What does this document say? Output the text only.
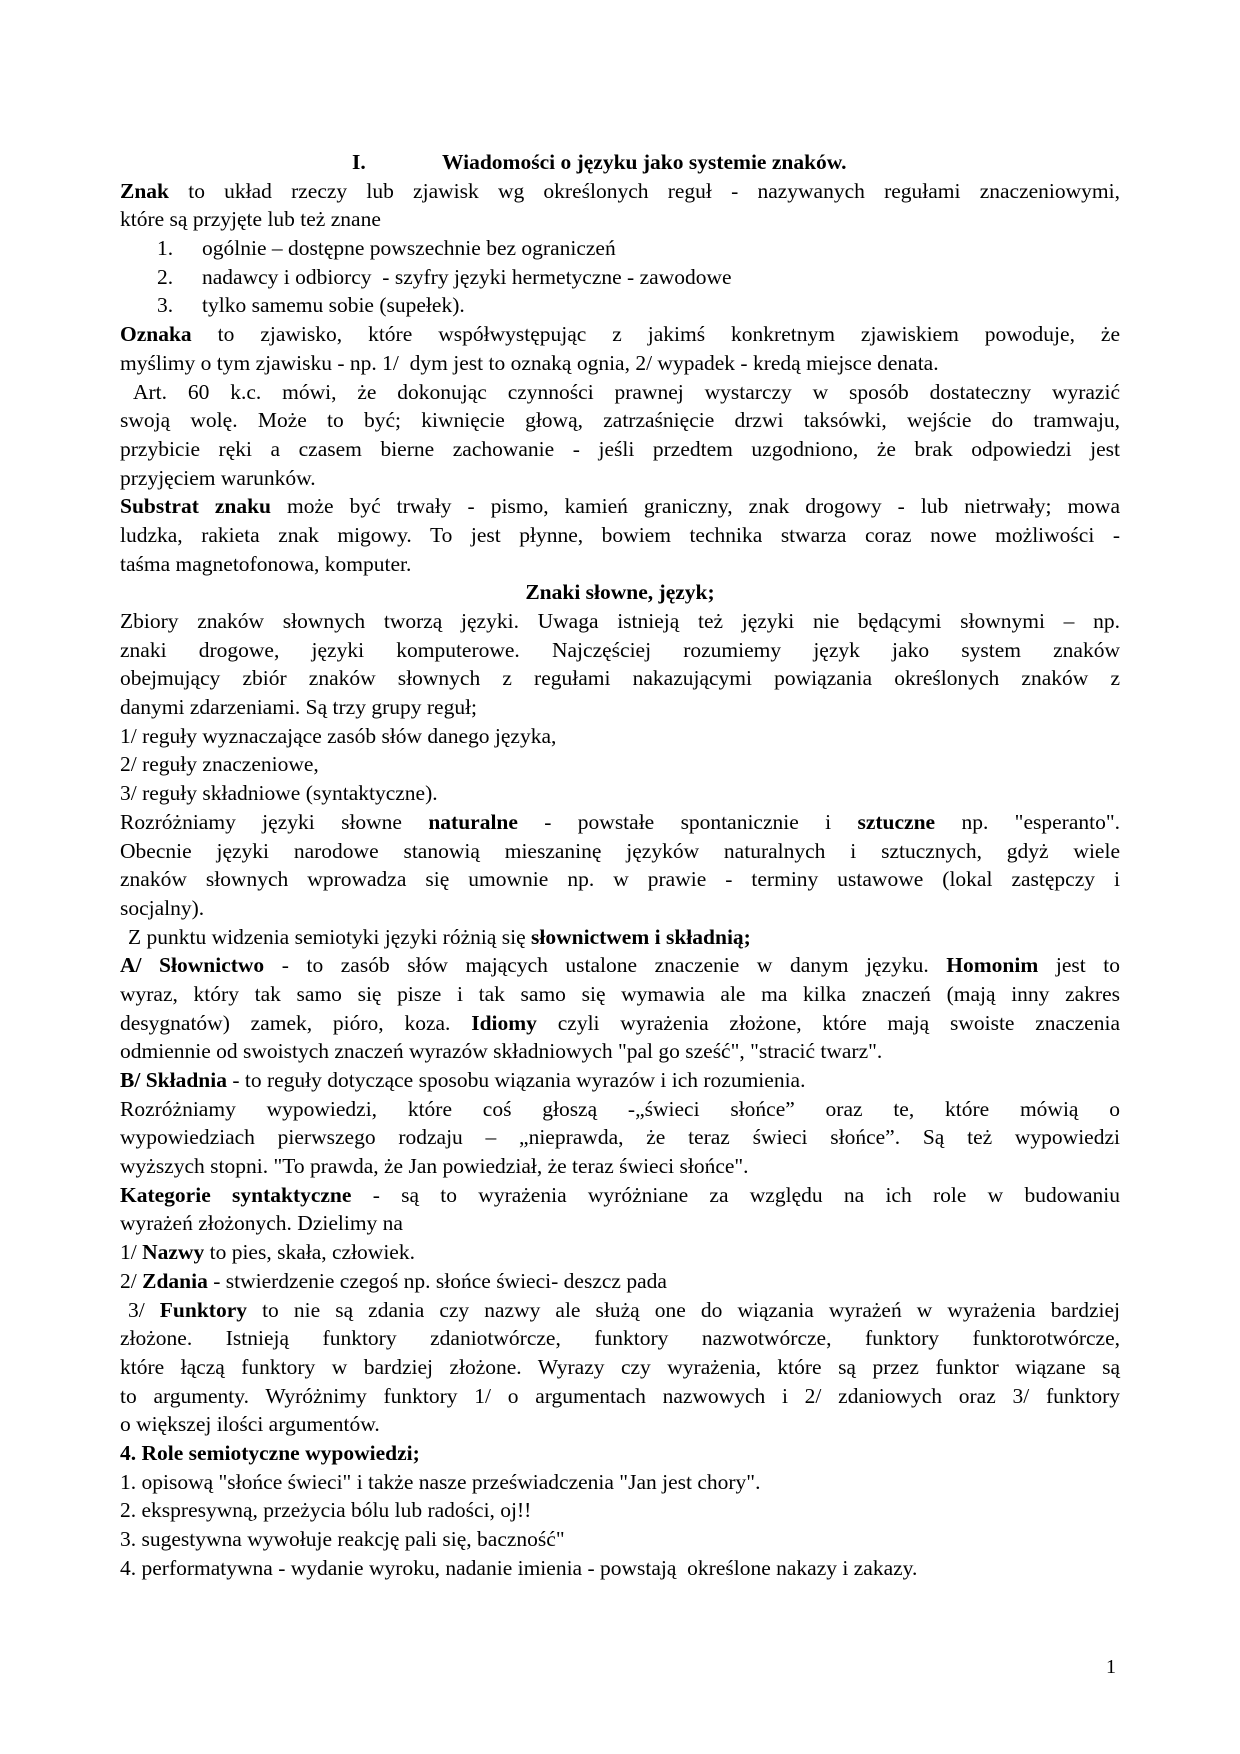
I.	Wiadomości o języku jako systemie znaków.
Znak to układ rzeczy lub zjawisk wg określonych reguł - nazywanych regułami znaczeniowymi,
które są przyjęte lub też znane
1. ogólnie – dostępne powszechnie bez ograniczeń
2. nadawcy i odbiorcy  - szyfry języki hermetyczne - zawodowe
3. tylko samemu sobie (supełek).
Oznaka to zjawisko, które współwystępując z jakimś konkretnym zjawiskiem powoduje, że
myślimy o tym zjawisku - np. 1/  dym jest to oznaką ognia, 2/ wypadek - kredą miejsce denata.
Art. 60 k.c. mówi, że dokonując czynności prawnej wystarczy w sposób dostateczny wyrazić
swoją wolę. Może to być; kiwnięcie głową, zatrzaśnięcie drzwi taksówki, wejście do tramwaju,
przybicie ręki a czasem bierne zachowanie - jeśli przedtem uzgodniono, że brak odpowiedzi jest
przyjęciem warunków.
Substrat znaku może być trwały - pismo, kamień graniczny, znak drogowy - lub nietrwały; mowa
ludzka, rakieta znak migowy. To jest płynne, bowiem technika stwarza coraz nowe możliwości -
taśma magnetofonowa, komputer.
Znaki słowne, język;
Zbiory znaków słownych tworzą języki. Uwaga istnieją też języki nie będącymi słownymi – np.
znaki drogowe, języki komputerowe. Najczęściej rozumiemy język jako system znaków
obejmujący zbiór znaków słownych z regułami nakazującymi powiązania określonych znaków z
danymi zdarzeniami. Są trzy grupy reguł;
1/ reguły wyznaczające zasób słów danego języka,
2/ reguły znaczeniowe,
3/ reguły składniowe (syntaktyczne).
Rozróżniamy języki słowne naturalne - powstałe spontanicznie i sztuczne np. "esperanto".
Obecnie języki narodowe stanowią mieszaninę języków naturalnych i sztucznych, gdyż wiele
znaków słownych wprowadza się umownie np. w prawie - terminy ustawowe (lokal zastępczy i
socjalny).
Z punktu widzenia semiotyki języki różnią się słownictwem i składnią;
A/ Słownictwo - to zasób słów mających ustalone znaczenie w danym języku. Homonim jest to
wyraz, który tak samo się pisze i tak samo się wymawia ale ma kilka znaczeń (mają inny zakres
desygnatów) zamek, pióro, koza. Idiomy czyli wyrażenia złożone, które mają swoiste znaczenia
odmiennie od swoistych znaczeń wyrazów składniowych "pal go sześć", "stracić twarz".
B/ Składnia - to reguły dotyczące sposobu wiązania wyrazów i ich rozumienia.
Rozróżniamy wypowiedzi, które coś głoszą -„świeci słońce” oraz te, które mówią o
wypowiedziach pierwszego rodzaju – „nieprawda, że teraz świeci słońce”. Są też wypowiedzi
wyższych stopni. "To prawda, że Jan powiedział, że teraz świeci słońce".
Kategorie syntaktyczne - są to wyrażenia wyróżniane za względu na ich role w budowaniu
wyrażeń złożonych. Dzielimy na
1/ Nazwy to pies, skała, człowiek.
2/ Zdania - stwierdzenie czegoś np. słońce świeci- deszcz pada
3/ Funktory to nie są zdania czy nazwy ale służą one do wiązania wyrażeń w wyrażenia bardziej
złożone. Istnieją funktory zdaniotwórcze, funktory nazwotwórcze, funktory funktorotwórcze,
które łączą funktory w bardziej złożone. Wyrazy czy wyrażenia, które są przez funktor wiązane są
to argumenty. Wyróżnimy funktory 1/ o argumentach nazwowych i 2/ zdaniowych oraz 3/ funktory
o większej ilości argumentów.
4. Role semiotyczne wypowiedzi;
1. opisową "słońce świeci" i także nasze przeświadczenia "Jan jest chory".
2. ekspresywną, przeżycia bólu lub radości, oj!!
3. sugestywna wywołuje reakcję pali się, baczność"
4. performatywna - wydanie wyroku, nadanie imienia - powstają  określone nakazy i zakazy.
1
